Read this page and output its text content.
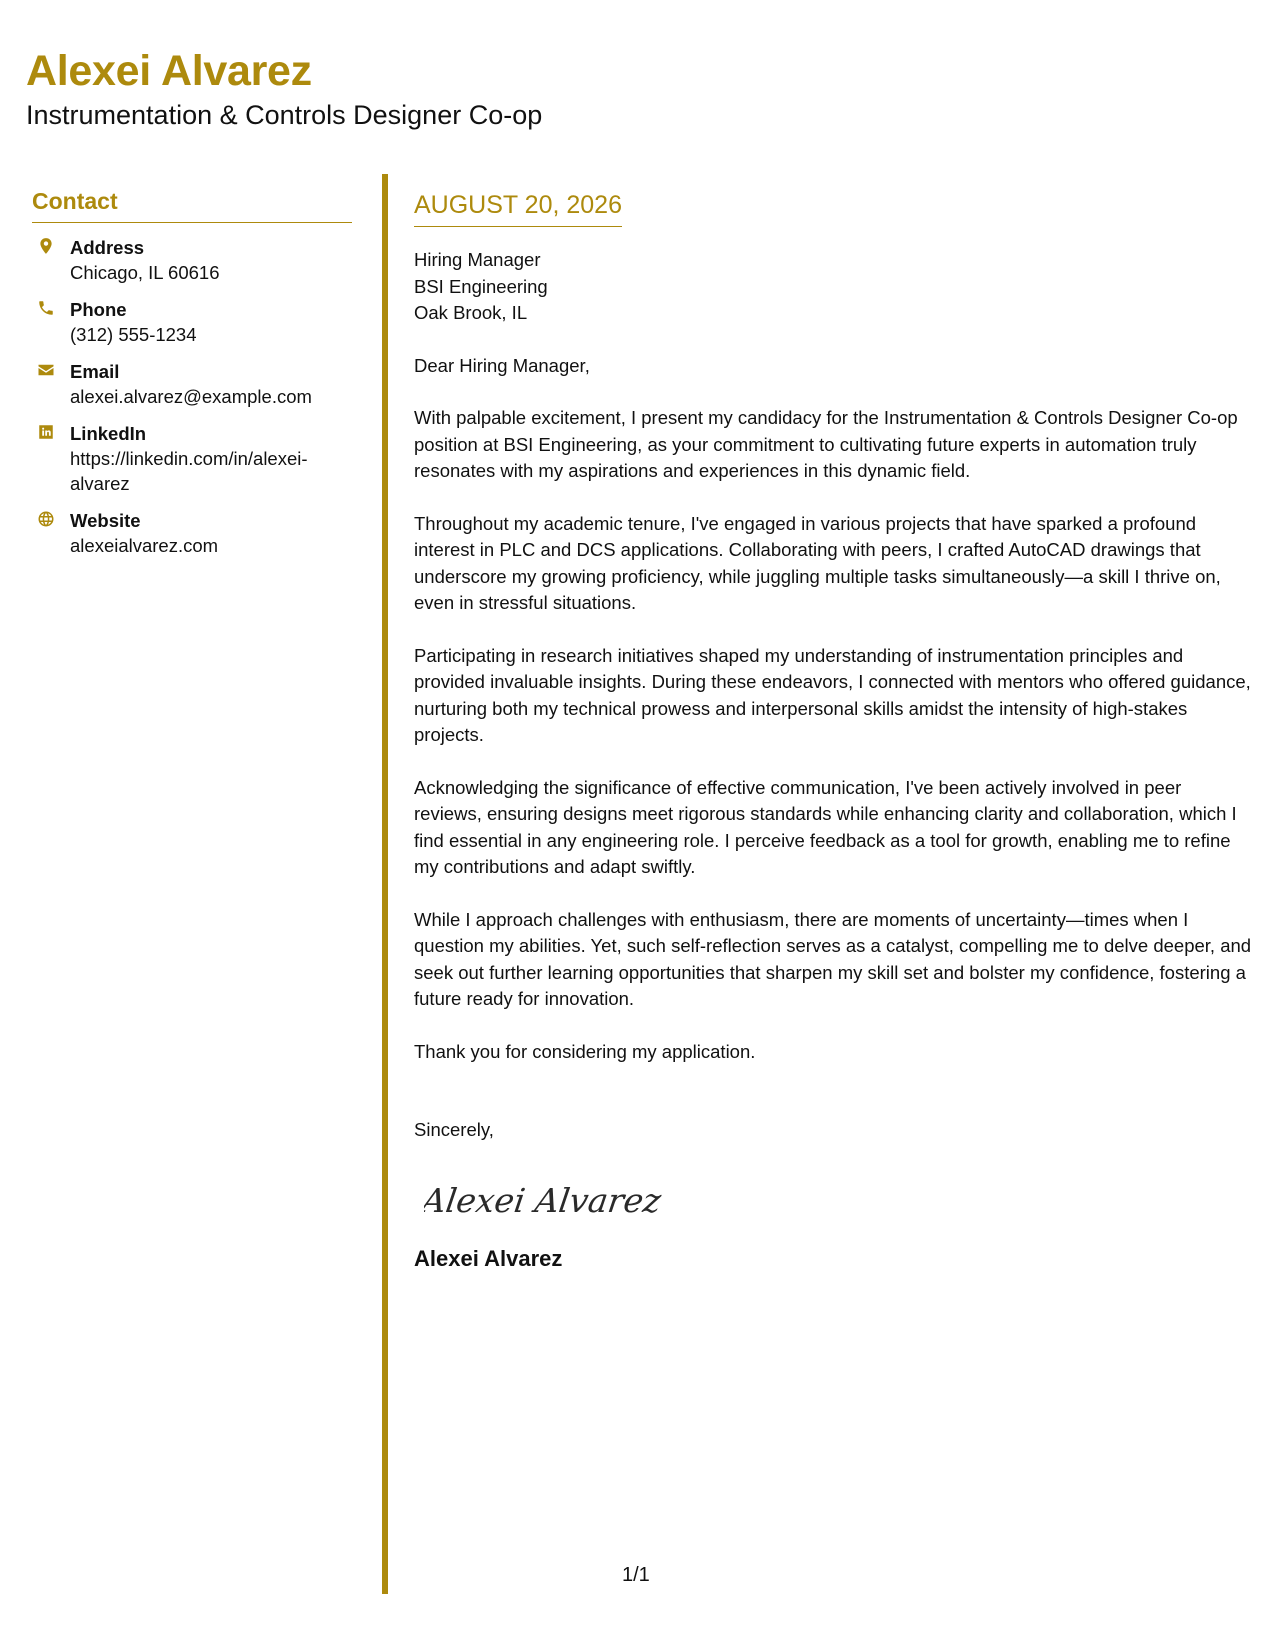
Alexei Alvarez
Instrumentation & Controls Designer Co-op
Contact
Address
Chicago, IL 60616
Phone
(312) 555-1234
Email
alexei.alvarez@example.com
LinkedIn
https://linkedin.com/in/alexei-alvarez
Website
alexeialvarez.com
AUGUST 20, 2026
Hiring Manager
BSI Engineering
Oak Brook, IL
Dear Hiring Manager,

With palpable excitement, I present my candidacy for the Instrumentation & Controls Designer Co-op position at BSI Engineering, as your commitment to cultivating future experts in automation truly resonates with my aspirations and experiences in this dynamic field.

Throughout my academic tenure, I've engaged in various projects that have sparked a profound interest in PLC and DCS applications. Collaborating with peers, I crafted AutoCAD drawings that underscore my growing proficiency, while juggling multiple tasks simultaneously—a skill I thrive on, even in stressful situations.

Participating in research initiatives shaped my understanding of instrumentation principles and provided invaluable insights. During these endeavors, I connected with mentors who offered guidance, nurturing both my technical prowess and interpersonal skills amidst the intensity of high-stakes projects.

Acknowledging the significance of effective communication, I've been actively involved in peer reviews, ensuring designs meet rigorous standards while enhancing clarity and collaboration, which I find essential in any engineering role. I perceive feedback as a tool for growth, enabling me to refine my contributions and adapt swiftly.

While I approach challenges with enthusiasm, there are moments of uncertainty—times when I question my abilities. Yet, such self-reflection serves as a catalyst, compelling me to delve deeper, and seek out further learning opportunities that sharpen my skill set and bolster my confidence, fostering a future ready for innovation.

Thank you for considering my application.
Sincerely,
Alexei Alvarez
Alexei Alvarez
1/1
